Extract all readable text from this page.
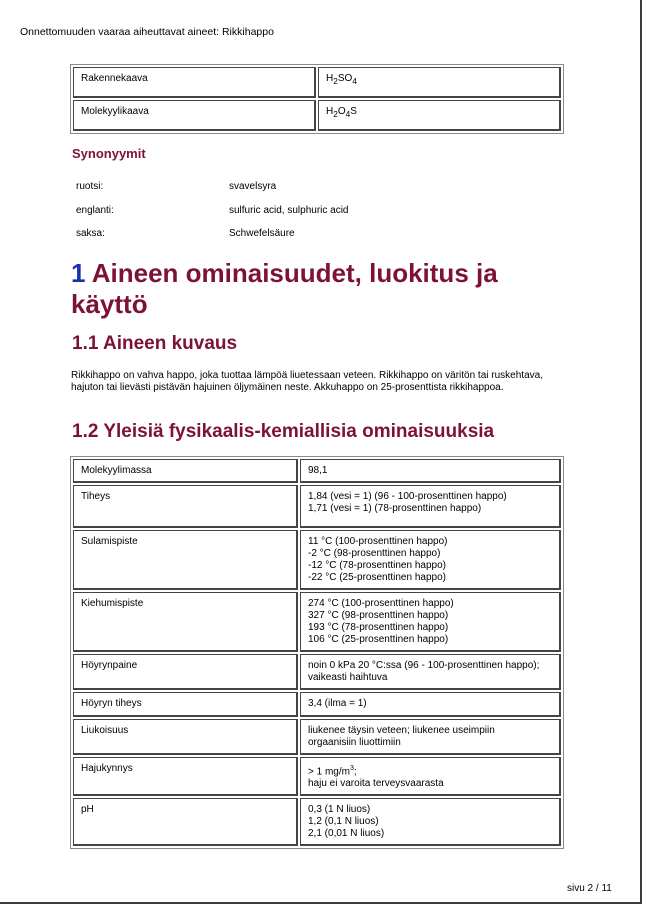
Onnettomuuden vaaraa aiheuttavat aineet: Rikkihappo
Rakennekaava	$H_2SO_4$
Molekyylikaava	$H_2O_4S$
Synonyymit
ruotsi:	svavelsyra
englanti:	sulfuric acid, sulphuric acid
saksa:	Schwefelsäure
1 Aineen ominaisuudet, luokitus ja käyttö
1.1 Aineen kuvaus

Rikkihappo on vahva happo, joka tuottaa lämpöä liuetessaan veteen. Rikkihappo on väritön tai ruskehtava, hajuton tai lievästi pistävän hajuinen öljymäinen neste. Akkuhappo on 25-prosenttista rikkihappoa.

1.2 Yleisiä fysikaalis-kemiallisia ominaisuuksia
Molekyylimassa	98,1

Tiheys	1,84 (vesi = 1) (96 - 100-prosenttinen happo)
1,71 (vesi = 1) (78-prosenttinen happo)

Sulamispiste	11 °C (100-prosenttinen happo)
-2 °C (98-prosenttinen happo)
-12 °C (78-prosenttinen happo)
-22 °C (25-prosenttinen happo)

Kiehumispiste	274 °C (100-prosenttinen happo)
327 °C (98-prosenttinen happo)
193 °C (78-prosenttinen happo)
106 °C (25-prosenttinen happo)

Höyrynpaine	noin 0 kPa 20 °C:ssa (96 - 100-prosenttinen happo);
vaikeasti haihtuva

Höyryn tiheys	3,4 (ilma = 1)

Liukoisuus	liukenee täysin veteen; liukenee useimpiin
orgaanisiin liuottimiin

Hajukynnys	> 1 $mg/m^3$;
haju ei varoita terveysvaarasta

pH	0,3 (1 N liuos)
1,2 (0,1 N liuos)
2,1 (0,01 N liuos)
sivu 2 / 11
